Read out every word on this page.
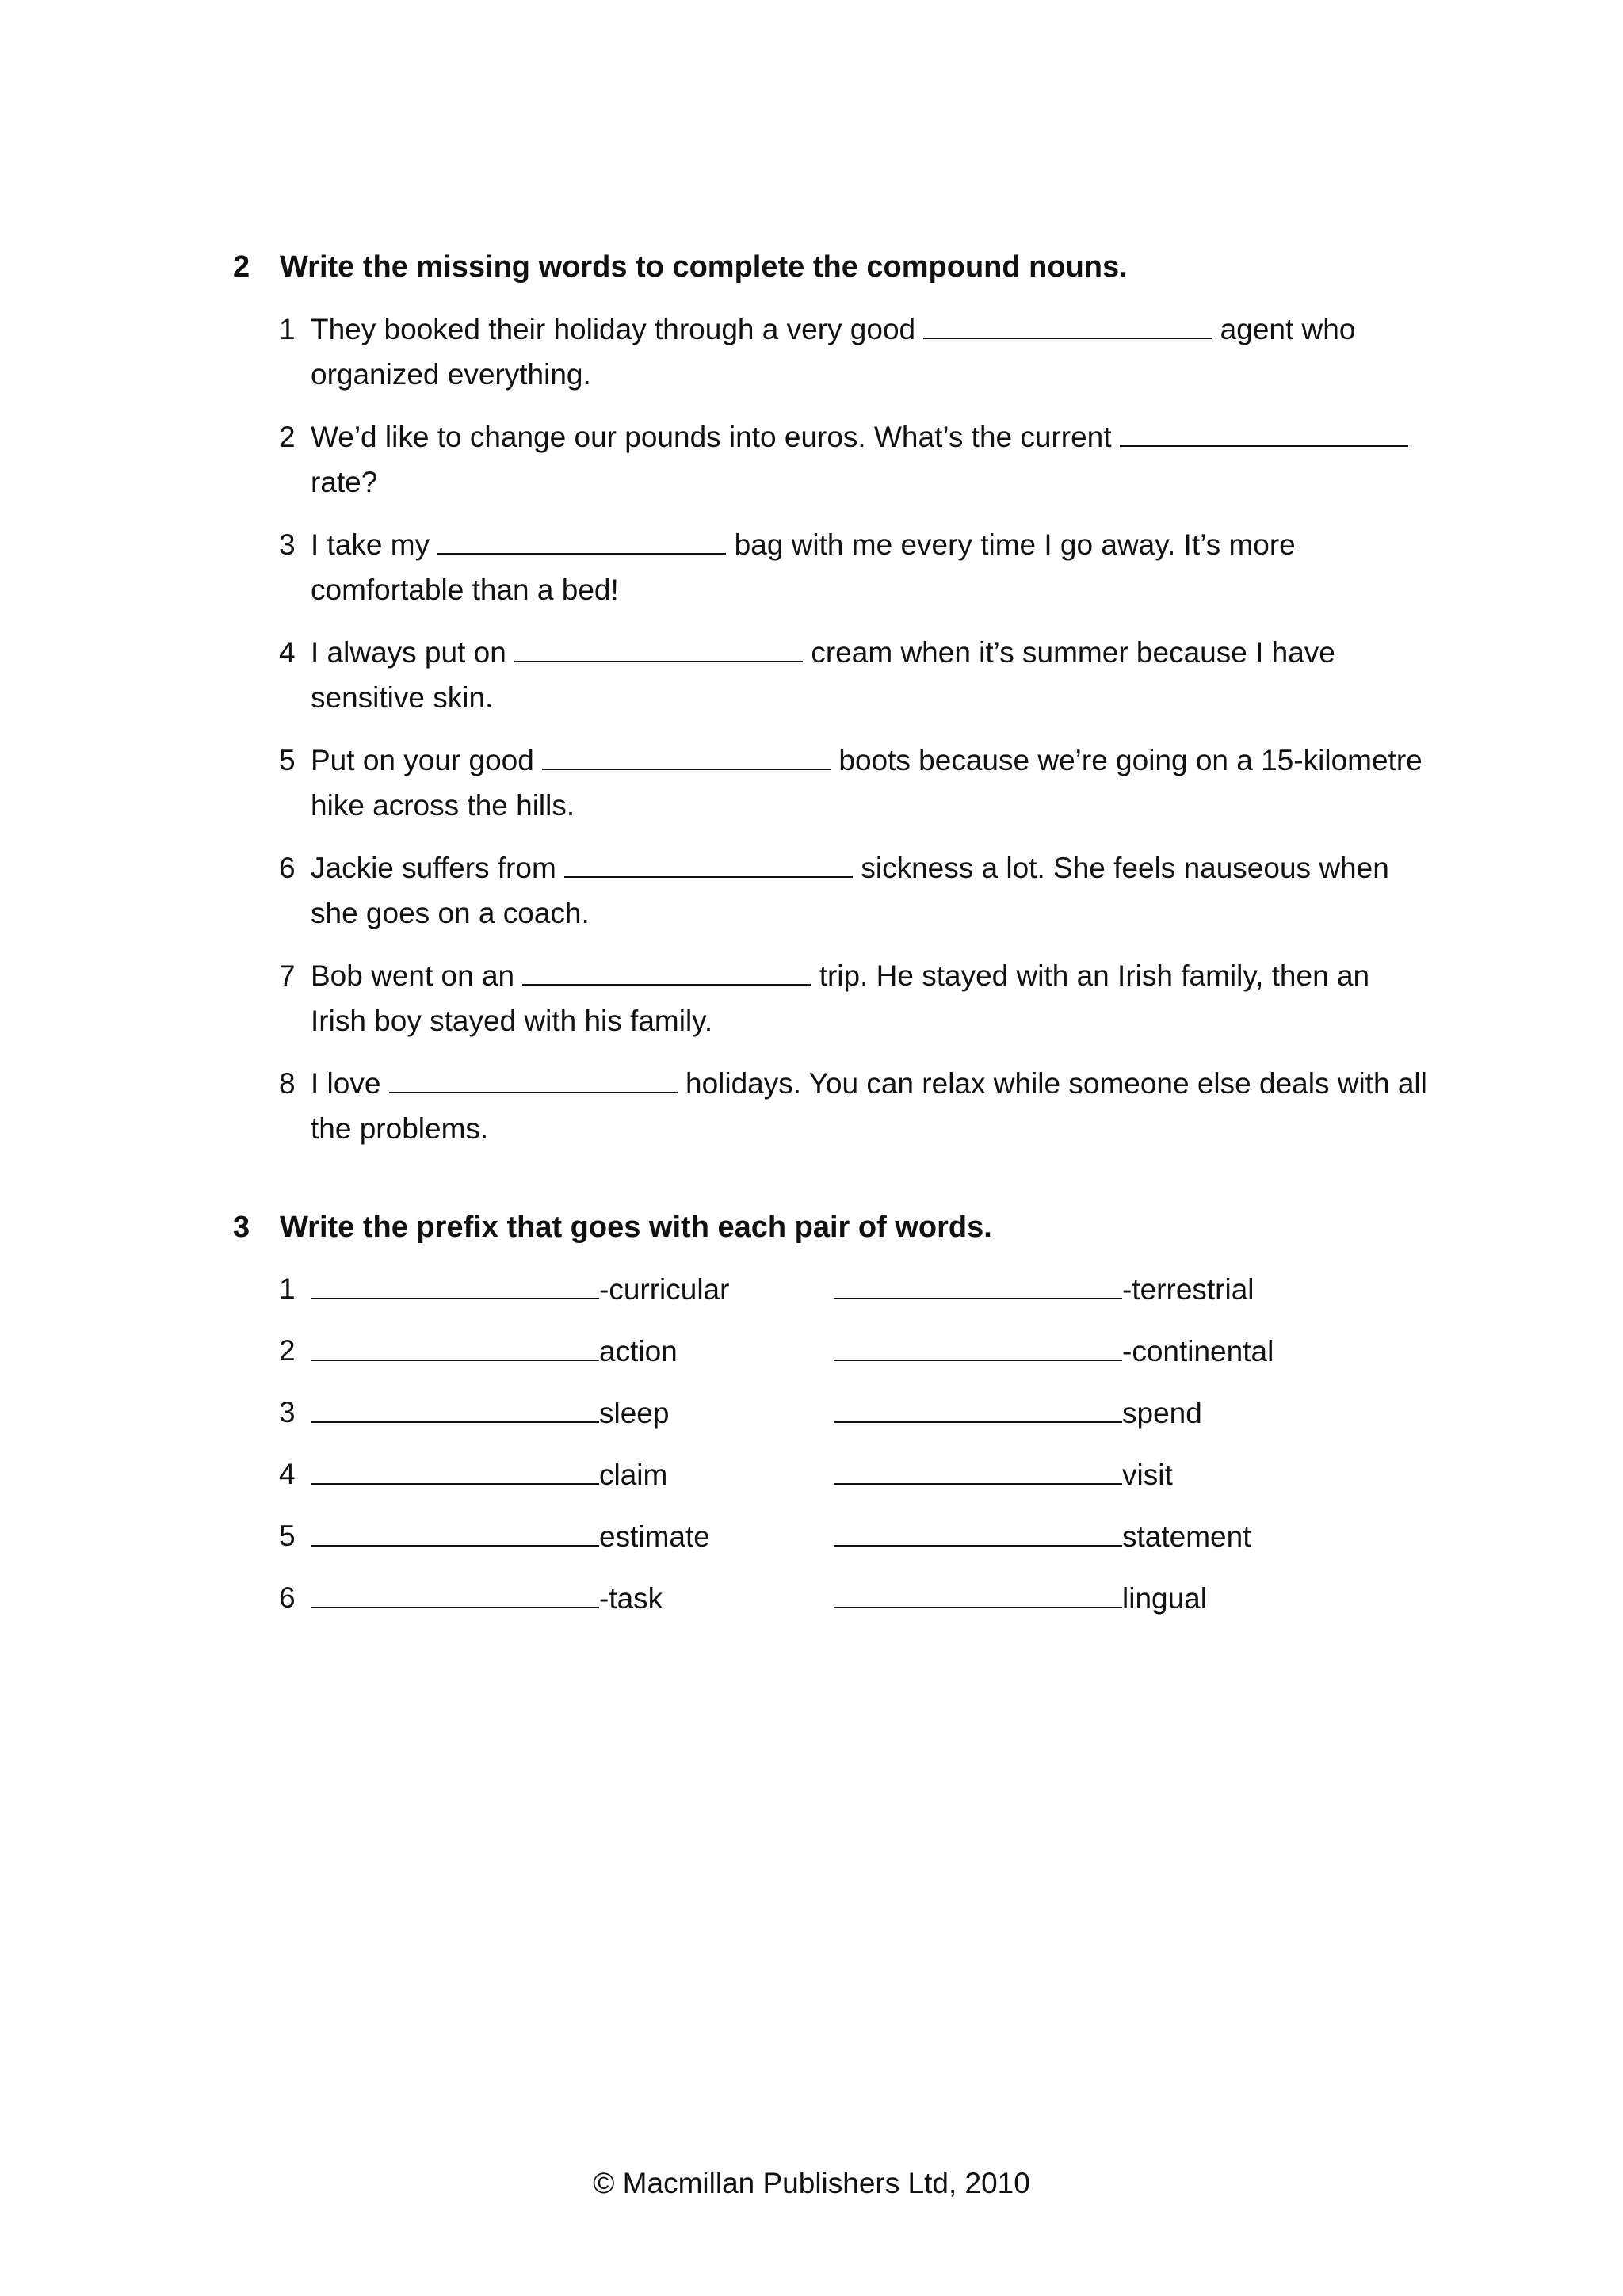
2 Write the missing words to complete the compound nouns.
1 They booked their holiday through a very good	agent who organized everything.
2 We’d like to change our pounds into euros. What’s the current  rate?
3 I take my	bag with me every time I go away. It’s more comfortable than a bed!
4 I always put on	cream when it’s summer because I have sensitive skin.
5 Put on your good	boots because we’re going on a 15-kilometre hike across the hills.
6 Jackie suffers from	sickness a lot. She feels nauseous when she goes on a coach.
7 Bob went on an	trip. He stayed with an Irish family, then an Irish boy stayed with his family.
8 I love	holidays. You can relax while someone else deals with all the problems.
3 Write the prefix that goes with each pair of words.
1	-curricular	-terrestrial
2	action	-continental
3	sleep	spend
4	claim	visit
5	estimate	statement
6	-task	lingual
© Macmillan Publishers Ltd, 2010
